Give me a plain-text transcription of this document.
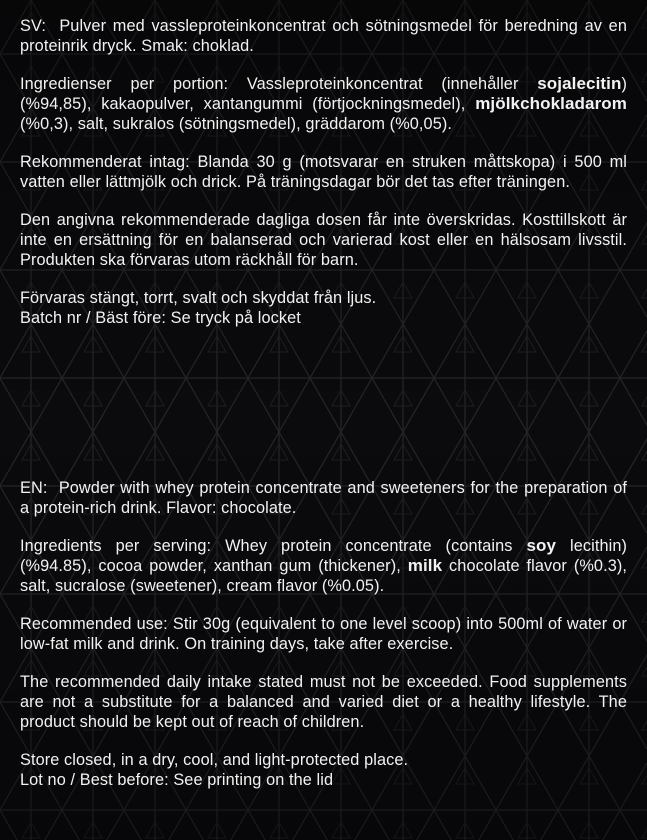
SV: Pulver med vassleproteinkoncentrat och sötningsmedel för beredning av en proteinrik dryck. Smak: choklad.

Ingredienser per portion: Vassleproteinkoncentrat (innehåller sojalecitin)(%94,85), kakaopulver, xantangummi (förtjockningsmedel), mjölkchokladarom (%0,3), salt, sukralos (sötningsmedel), gräddarom (%0,05).

Rekommenderat intag: Blanda 30 g (motsvarar en struken måttskopa) i 500 ml vatten eller lättmjölk och drick. På träningsdagar bör det tas efter träningen.

Den angivna rekommenderade dagliga dosen får inte överskridas. Kosttillskott är inte en ersättning för en balanserad och varierad kost eller en hälsosam livsstil. Produkten ska förvaras utom räckhåll för barn.

Förvaras stängt, torrt, svalt och skyddat från ljus.
Batch nr / Bäst före: Se tryck på locket

EN: Powder with whey protein concentrate and sweeteners for the preparation of a protein-rich drink. Flavor: chocolate.

Ingredients per serving: Whey protein concentrate (contains soy lecithin) (%94.85), cocoa powder, xanthan gum (thickener), milk chocolate flavor (%0.3), salt, sucralose (sweetener), cream flavor (%0.05).

Recommended use: Stir 30g (equivalent to one level scoop) into 500ml of water or low-fat milk and drink. On training days, take after exercise.

The recommended daily intake stated must not be exceeded. Food supplements are not a substitute for a balanced and varied diet or a healthy lifestyle. The product should be kept out of reach of children.

Store closed, in a dry, cool, and light-protected place.
Lot no / Best before: See printing on the lid
